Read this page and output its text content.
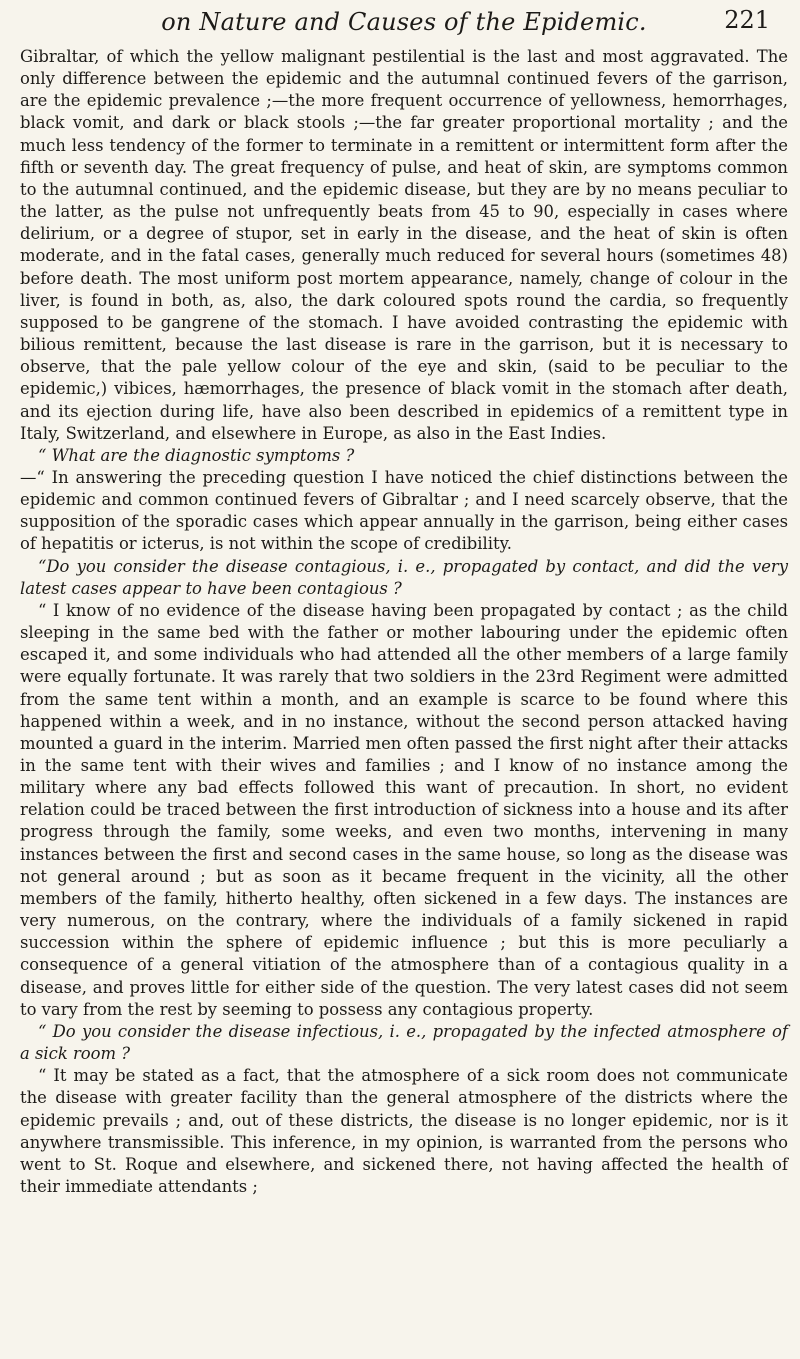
on Nature and Causes of the Epidemic.	221

Gibraltar, of which the yellow malignant pestilential is the last and most aggravated. The only difference between the epidemic and the autumnal continued fevers of the garrison, are the epidemic prevalence ;—the more frequent occurrence of yellowness, hemorrhages, black vomit, and dark or black stools ;—the far greater proportional mortality ; and the much less tendency of the former to terminate in a remittent or intermittent form after the fifth or seventh day. The great frequency of pulse, and heat of skin, are symptoms common to the autumnal continued, and the epidemic disease, but they are by no means peculiar to the latter, as the pulse not unfrequently beats from 45 to 90, especially in cases where delirium, or a degree of stupor, set in early in the disease, and the heat of skin is often moderate, and in the fatal cases, generally much reduced for several hours (sometimes 48) before death. The most uniform post mortem appearance, namely, change of colour in the liver, is found in both, as, also, the dark coloured spots round the cardia, so frequently supposed to be gangrene of the stomach. I have avoided contrasting the epidemic with bilious remittent, because the last disease is rare in the garrison, but it is necessary to observe, that the pale yellow colour of the eye and skin, (said to be peculiar to the epidemic,) vibices, hæmorrhages, the presence of black vomit in the stomach after death, and its ejection during life, have also been described in epidemics of a remittent type in Italy, Switzerland, and elsewhere in Europe, as also in the East Indies.

“ What are the diagnostic symptoms ?

—“ In answering the preceding question I have noticed the chief distinctions between the epidemic and common continued fevers of Gibraltar ; and I need scarcely observe, that the supposition of the sporadic cases which appear annually in the garrison, being either cases of hepatitis or icterus, is not within the scope of credibility.

“Do you consider the disease contagious, i. e., propagated by contact, and did the very latest cases appear to have been contagious ?

“ I know of no evidence of the disease having been propagated by contact ; as the child sleeping in the same bed with the father or mother labouring under the epidemic often escaped it, and some individuals who had attended all the other members of a large family were equally fortunate. It was rarely that two soldiers in the 23rd Regiment were admitted from the same tent within a month, and an example is scarce to be found where this happened within a week, and in no instance, without the second person attacked having mounted a guard in the interim. Married men often passed the first night after their attacks in the same tent with their wives and families ; and I know of no instance among the military where any bad effects followed this want of precaution. In short, no evident relation could be traced between the first introduction of sickness into a house and its after progress through the family, some weeks, and even two months, intervening in many instances between the first and second cases in the same house, so long as the disease was not general around ; but as soon as it became frequent in the vicinity, all the other members of the family, hitherto healthy, often sickened in a few days. The instances are very numerous, on the contrary, where the individuals of a family sickened in rapid succession within the sphere of epidemic influence ; but this is more peculiarly a consequence of a general vitiation of the atmosphere than of a contagious quality in a disease, and proves little for either side of the question. The very latest cases did not seem to vary from the rest by seeming to possess any contagious property.

“ Do you consider the disease infectious, i. e., propagated by the infected atmosphere of a sick room ?

“ It may be stated as a fact, that the atmosphere of a sick room does not communicate the disease with greater facility than the general atmosphere of the districts where the epidemic prevails ; and, out of these districts, the disease is no longer epidemic, nor is it anywhere transmissible. This inference, in my opinion, is warranted from the persons who went to St. Roque and elsewhere, and sickened there, not having affected the health of their immediate attendants ;
